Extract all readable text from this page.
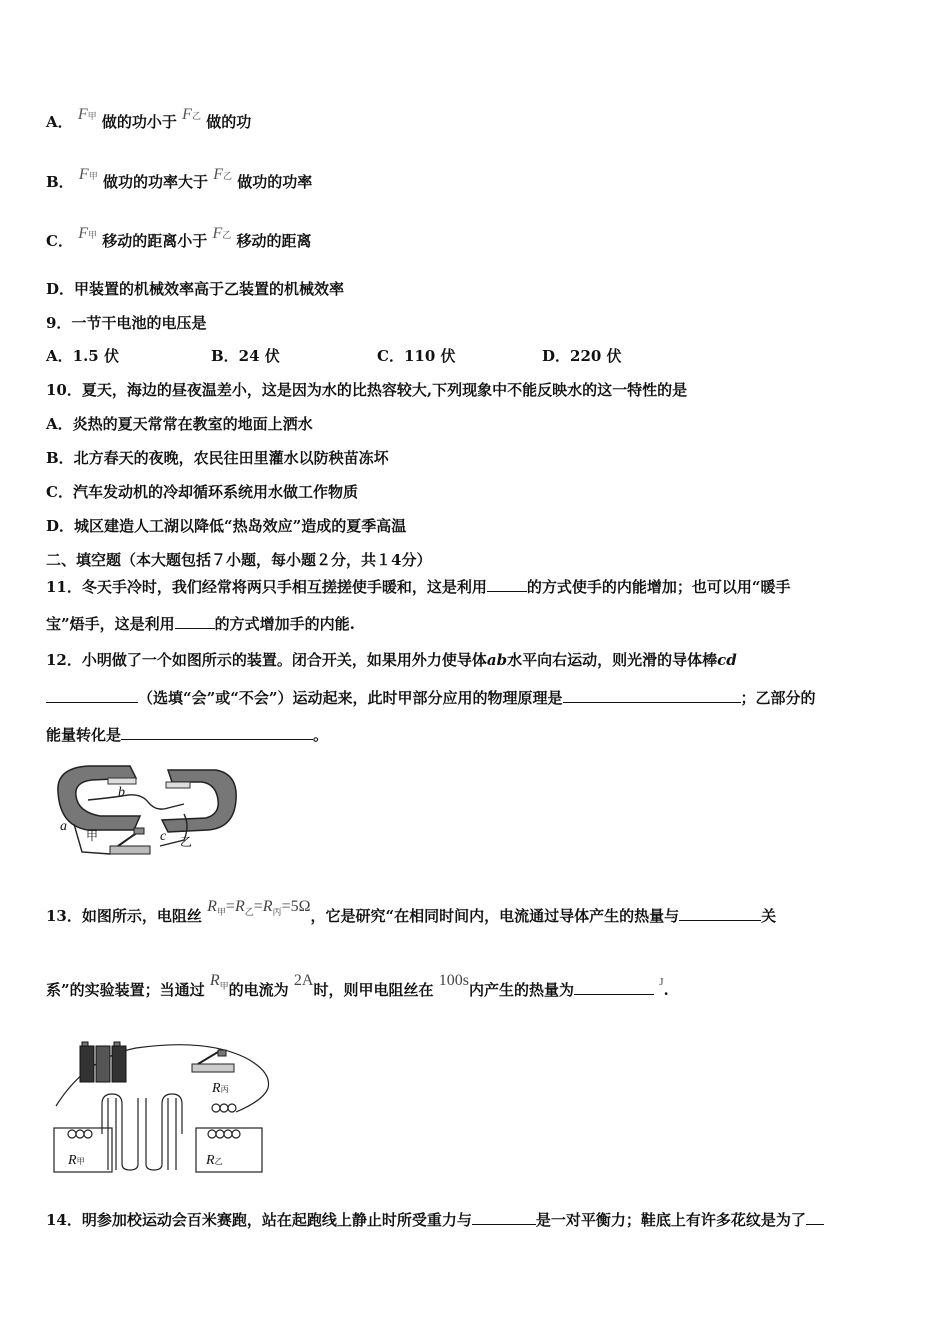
A． F甲 做的功小于 F乙 做的功
B． F甲 做功的功率大于 F乙 做功的功率
C． F甲 移动的距离小于 F乙 移动的距离
D．甲装置的机械效率高于乙装置的机械效率
9．一节干电池的电压是
A．1.5 伏	B．24 伏	C．110 伏	D．220 伏
10．夏天，海边的昼夜温差小，这是因为水的比热容较大,下列现象中不能反映水的这一特性的是
A．炎热的夏天常常在教室的地面上洒水
B．北方春天的夜晚，农民往田里灌水以防秧苗冻坏
C．汽车发动机的冷却循环系统用水做工作物质
D．城区建造人工湖以降低“热岛效应”造成的夏季高温
二、填空题（本大题包括７小题，每小题２分，共１4分）
11．冬天手冷时，我们经常将两只手相互搓搓使手暖和，这是利用	的方式使手的内能增加；也可以用“暖手
宝”焐手，这是利用	的方式增加手的内能.
12．小明做了一个如图所示的装置。闭合开关，如果用外力使导体ab水平向右运动，则光滑的导体棒cd
（选填“会”或“不会”）运动起来，此时甲部分应用的物理原理是	；乙部分的
能量转化是	。
b
a
c
甲	乙
13．如图所示，电阻丝 $R_甲=R_乙=R_丙=5\Omega$，它是研究“在相同时间内，电流通过导体产生的热量与	关
系”的实验装置；当通过 $R_甲$的电流为 2A时，则甲电阻丝在 100s内产生的热量为	$^J$.
R甲	R乙
R丙
14．明参加校运动会百米赛跑，站在起跑线上静止时所受重力与	是一对平衡力；鞋底上有许多花纹是为了
